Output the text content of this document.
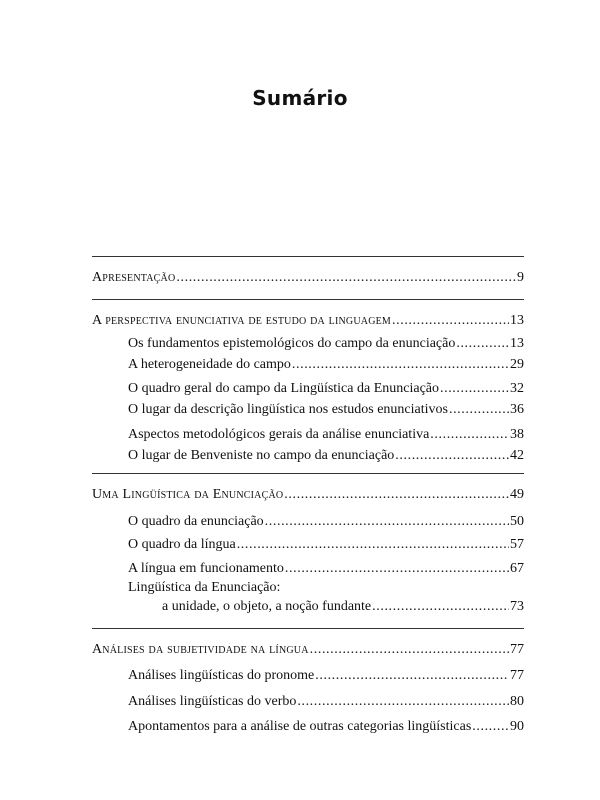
Sumário
Apresentação .....	9
A perspectiva enunciativa de estudo da linguagem .....	13
Os fundamentos epistemológicos do campo da enunciação .....	13
A heterogeneidade do campo .....	29
O quadro geral do campo da Lingüística da Enunciação .....	32
O lugar da descrição lingüística nos estudos enunciativos .....	36
Aspectos metodológicos gerais da análise enunciativa .....	38
O lugar de Benveniste no campo da enunciação .....	42
Uma Lingüística da Enunciação .....	49
O quadro da enunciação .....	50
O quadro da língua .....	57
A língua em funcionamento .....	67
Lingüística da Enunciação:
a unidade, o objeto, a noção fundante .....	73
Análises da subjetividade na língua .....	77
Análises lingüísticas do pronome .....	77
Análises lingüísticas do verbo .....	80
Apontamentos para a análise de outras categorias lingüísticas .....	90
